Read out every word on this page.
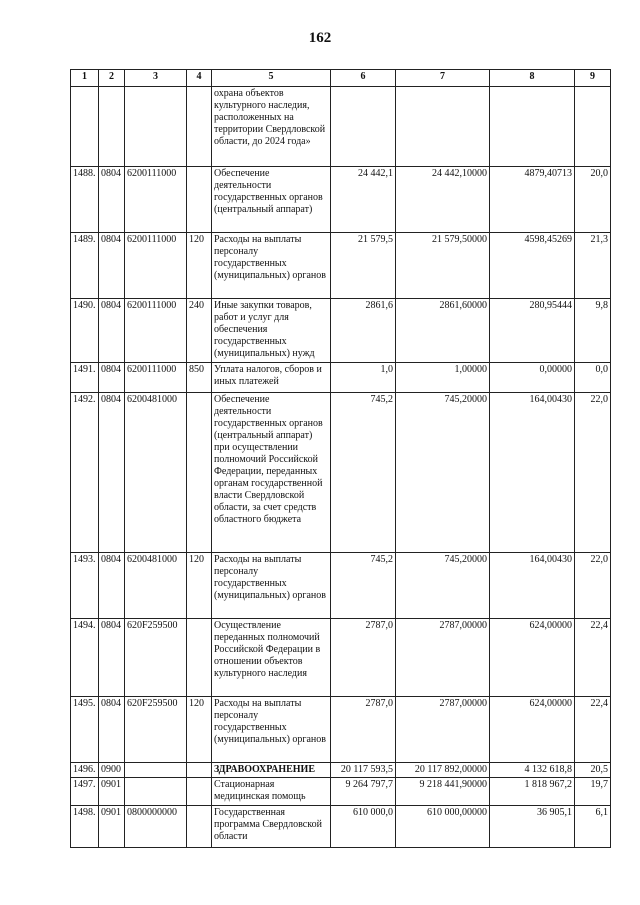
162
1	2	3	4	5	6	7	8	9
				охрана объектов культурного наследия, расположенных на территории Свердловской области, до 2024 года»				
1488.	0804	6200111000		Обеспечение деятельности государственных органов (центральный аппарат)	24 442,1	24 442,10000	4879,40713	20,0
1489.	0804	6200111000	120	Расходы на выплаты персоналу государственных (муниципальных) органов	21 579,5	21 579,50000	4598,45269	21,3
1490.	0804	6200111000	240	Иные закупки товаров, работ и услуг для обеспечения государственных (муниципальных) нужд	2861,6	2861,60000	280,95444	9,8
1491.	0804	6200111000	850	Уплата налогов, сборов и иных платежей	1,0	1,00000	0,00000	0,0
1492.	0804	6200481000		Обеспечение деятельности государственных органов (центральный аппарат) при осуществлении полномочий Российской Федерации, переданных органам государственной власти Свердловской области, за счет средств областного бюджета	745,2	745,20000	164,00430	22,0
1493.	0804	6200481000	120	Расходы на выплаты персоналу государственных (муниципальных) органов	745,2	745,20000	164,00430	22,0
1494.	0804	620F259500		Осуществление переданных полномочий Российской Федерации в отношении объектов культурного наследия	2787,0	2787,00000	624,00000	22,4
1495.	0804	620F259500	120	Расходы на выплаты персоналу государственных (муниципальных) органов	2787,0	2787,00000	624,00000	22,4
1496.	0900			ЗДРАВООХРАНЕНИЕ	20 117 593,5	20 117 892,00000	4 132 618,8	20,5
1497.	0901			Стационарная медицинская помощь	9 264 797,7	9 218 441,90000	1 818 967,2	19,7
1498.	0901	0800000000		Государственная программа Свердловской области	610 000,0	610 000,00000	36 905,1	6,1
